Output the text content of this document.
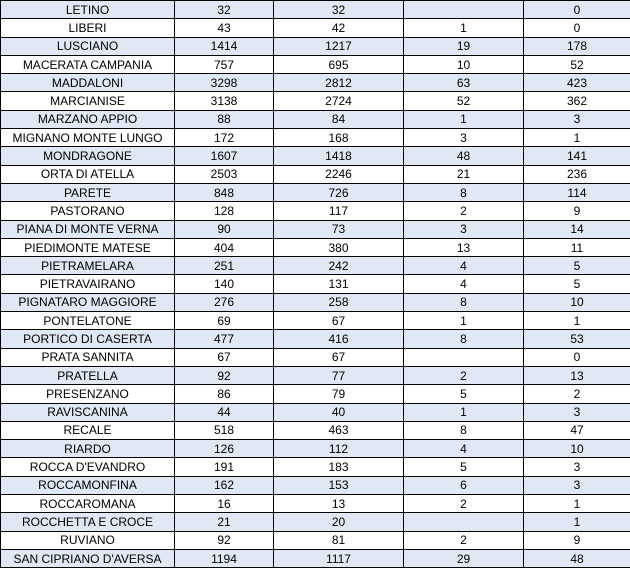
LETINO	32	32		0
LIBERI	43	42	1	0
LUSCIANO	1414	1217	19	178
MACERATA CAMPANIA	757	695	10	52
MADDALONI	3298	2812	63	423
MARCIANISE	3138	2724	52	362
MARZANO APPIO	88	84	1	3
MIGNANO MONTE LUNGO	172	168	3	1
MONDRAGONE	1607	1418	48	141
ORTA DI ATELLA	2503	2246	21	236
PARETE	848	726	8	114
PASTORANO	128	117	2	9
PIANA DI MONTE VERNA	90	73	3	14
PIEDIMONTE MATESE	404	380	13	11
PIETRAMELARA	251	242	4	5
PIETRAVAIRANO	140	131	4	5
PIGNATARO MAGGIORE	276	258	8	10
PONTELATONE	69	67	1	1
PORTICO DI CASERTA	477	416	8	53
PRATA SANNITA	67	67		0
PRATELLA	92	77	2	13
PRESENZANO	86	79	5	2
RAVISCANINA	44	40	1	3
RECALE	518	463	8	47
RIARDO	126	112	4	10
ROCCA D'EVANDRO	191	183	5	3
ROCCAMONFINA	162	153	6	3
ROCCAROMANA	16	13	2	1
ROCCHETTA E CROCE	21	20		1
RUVIANO	92	81	2	9
SAN CIPRIANO D'AVERSA	1194	1117	29	48
